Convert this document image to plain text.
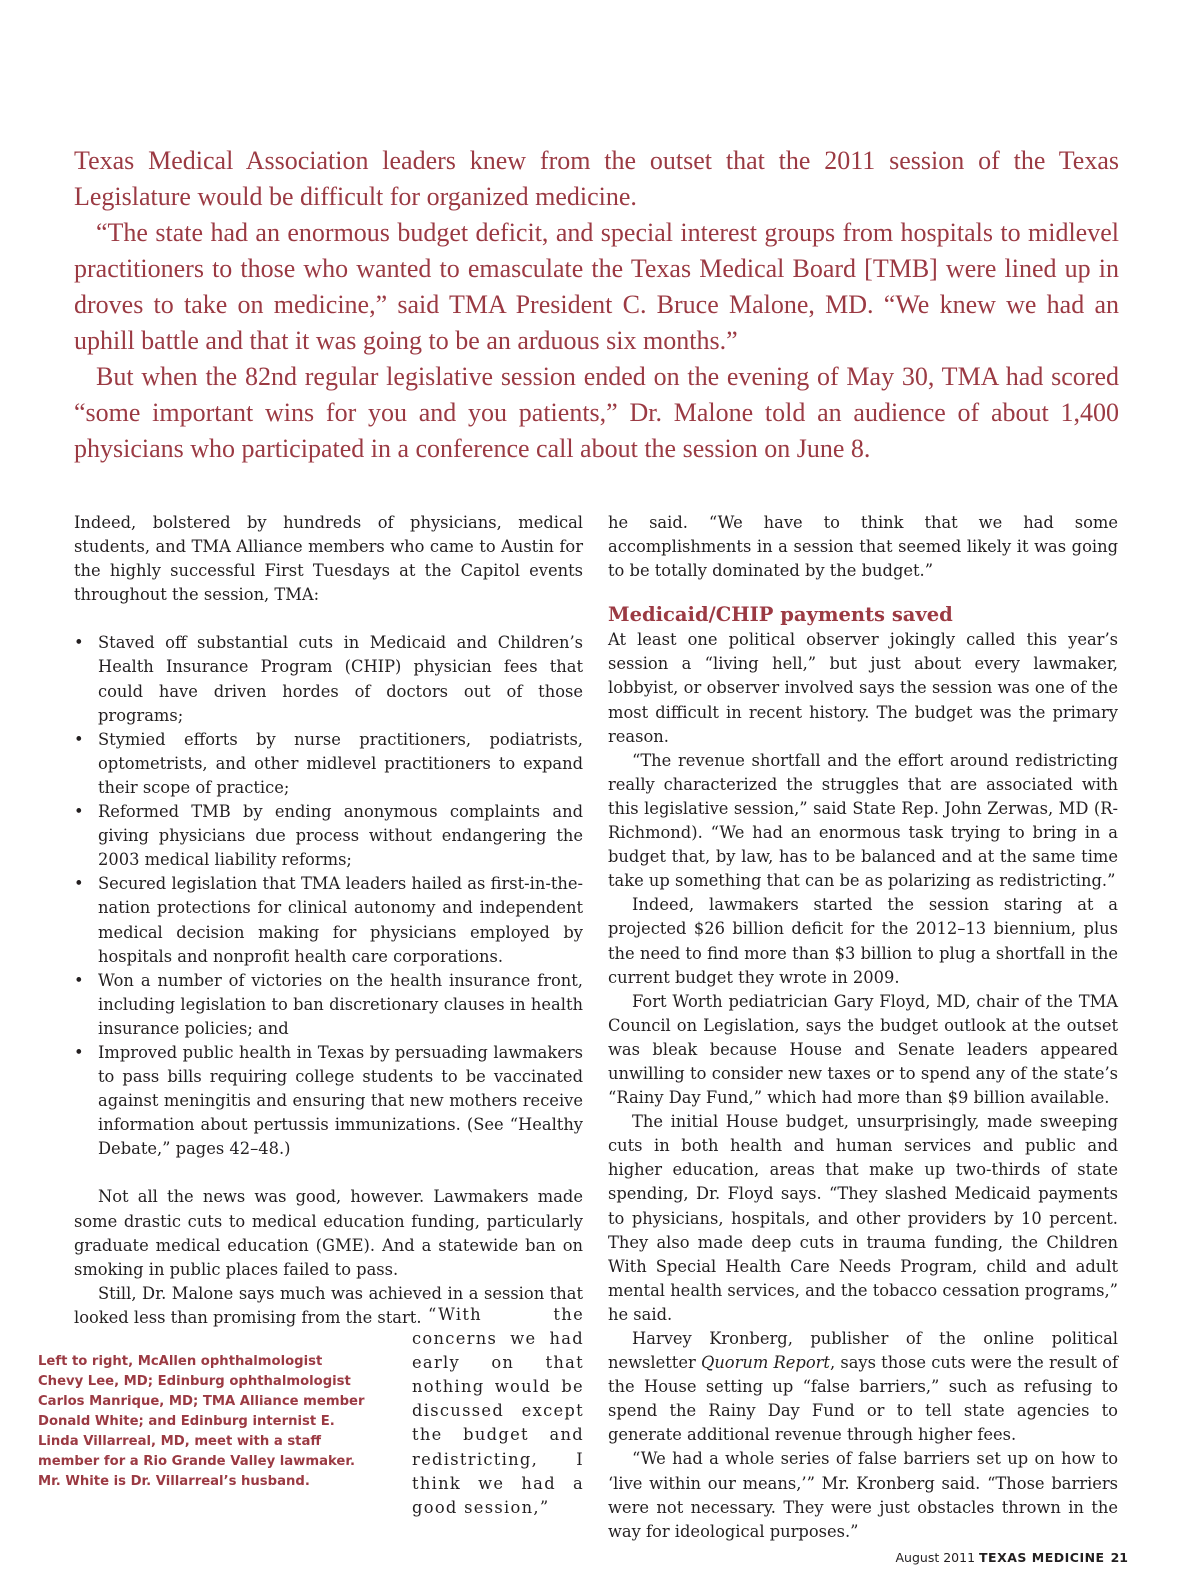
Texas Medical Association leaders knew from the outset that the 2011 session of the Texas Legislature would be difficult for organized medicine.

“The state had an enormous budget deficit, and special interest groups from hospitals to midlevel practitioners to those who wanted to emasculate the Texas Medical Board [TMB] were lined up in droves to take on medicine,” said TMA President C. Bruce Malone, MD. “We knew we had an uphill battle and that it was going to be an arduous six months.”

But when the 82nd regular legislative session ended on the evening of May 30, TMA had scored “some important wins for you and you patients,” Dr. Malone told an audience of about 1,400 physicians who participated in a conference call about the session on June 8.

Indeed, bolstered by hundreds of physicians, medical students, and TMA Alliance members who came to Austin for the highly successful First Tuesdays at the Capitol events throughout the session, TMA:

• Staved off substantial cuts in Medicaid and Children’s Health Insurance Program (CHIP) physician fees that could have driven hordes of doctors out of those programs;
• Stymied efforts by nurse practitioners, podiatrists, optometrists, and other midlevel practitioners to expand their scope of practice;
• Reformed TMB by ending anonymous complaints and giving physicians due process without endangering the 2003 medical liability reforms;
• Secured legislation that TMA leaders hailed as first-in-the-nation protections for clinical autonomy and independent medical decision making for physicians employed by hospitals and nonprofit health care corporations.
• Won a number of victories on the health insurance front, including legislation to ban discretionary clauses in health insurance policies; and
• Improved public health in Texas by persuading lawmakers to pass bills requiring college students to be vaccinated against meningitis and ensuring that new mothers receive information about pertussis immunizations. (See “Healthy Debate,” pages 42–48.)

Not all the news was good, however. Lawmakers made some drastic cuts to medical education funding, particularly graduate medical education (GME). And a statewide ban on smoking in public places failed to pass.

Still, Dr. Malone says much was achieved in a session that looked less than promising from the start. “With the concerns we had early on that nothing would be discussed except the budget and redistricting, I think we had a good session,”

Left to right, McAllen ophthalmologist Chevy Lee, MD; Edinburg ophthalmologist Carlos Manrique, MD; TMA Alliance member Donald White; and Edinburg internist E. Linda Villarreal, MD, meet with a staff member for a Rio Grande Valley lawmaker. Mr. White is Dr. Villarreal’s husband.

he said. “We have to think that we had some accomplishments in a session that seemed likely it was going to be totally dominated by the budget.”

Medicaid/CHIP payments saved

At least one political observer jokingly called this year’s session a “living hell,” but just about every lawmaker, lobbyist, or observer involved says the session was one of the most difficult in recent history. The budget was the primary reason.

“The revenue shortfall and the effort around redistricting really characterized the struggles that are associated with this legislative session,” said State Rep. John Zerwas, MD (R-Richmond). “We had an enormous task trying to bring in a budget that, by law, has to be balanced and at the same time take up something that can be as polarizing as redistricting.”

Indeed, lawmakers started the session staring at a projected $26 billion deficit for the 2012–13 biennium, plus the need to find more than $3 billion to plug a shortfall in the current budget they wrote in 2009.

Fort Worth pediatrician Gary Floyd, MD, chair of the TMA Council on Legislation, says the budget outlook at the outset was bleak because House and Senate leaders appeared unwilling to consider new taxes or to spend any of the state’s “Rainy Day Fund,” which had more than $9 billion available.

The initial House budget, unsurprisingly, made sweeping cuts in both health and human services and public and higher education, areas that make up two-thirds of state spending, Dr. Floyd says. “They slashed Medicaid payments to physicians, hospitals, and other providers by 10 percent. They also made deep cuts in trauma funding, the Children With Special Health Care Needs Program, child and adult mental health services, and the tobacco cessation programs,” he said.

Harvey Kronberg, publisher of the online political newsletter Quorum Report, says those cuts were the result of the House setting up “false barriers,” such as refusing to spend the Rainy Day Fund or to tell state agencies to generate additional revenue through higher fees.

“We had a whole series of false barriers set up on how to ‘live within our means,’” Mr. Kronberg said. “Those barriers were not necessary. They were just obstacles thrown in the way for ideological purposes.”

August 2011 TEXAS MEDICINE 21
